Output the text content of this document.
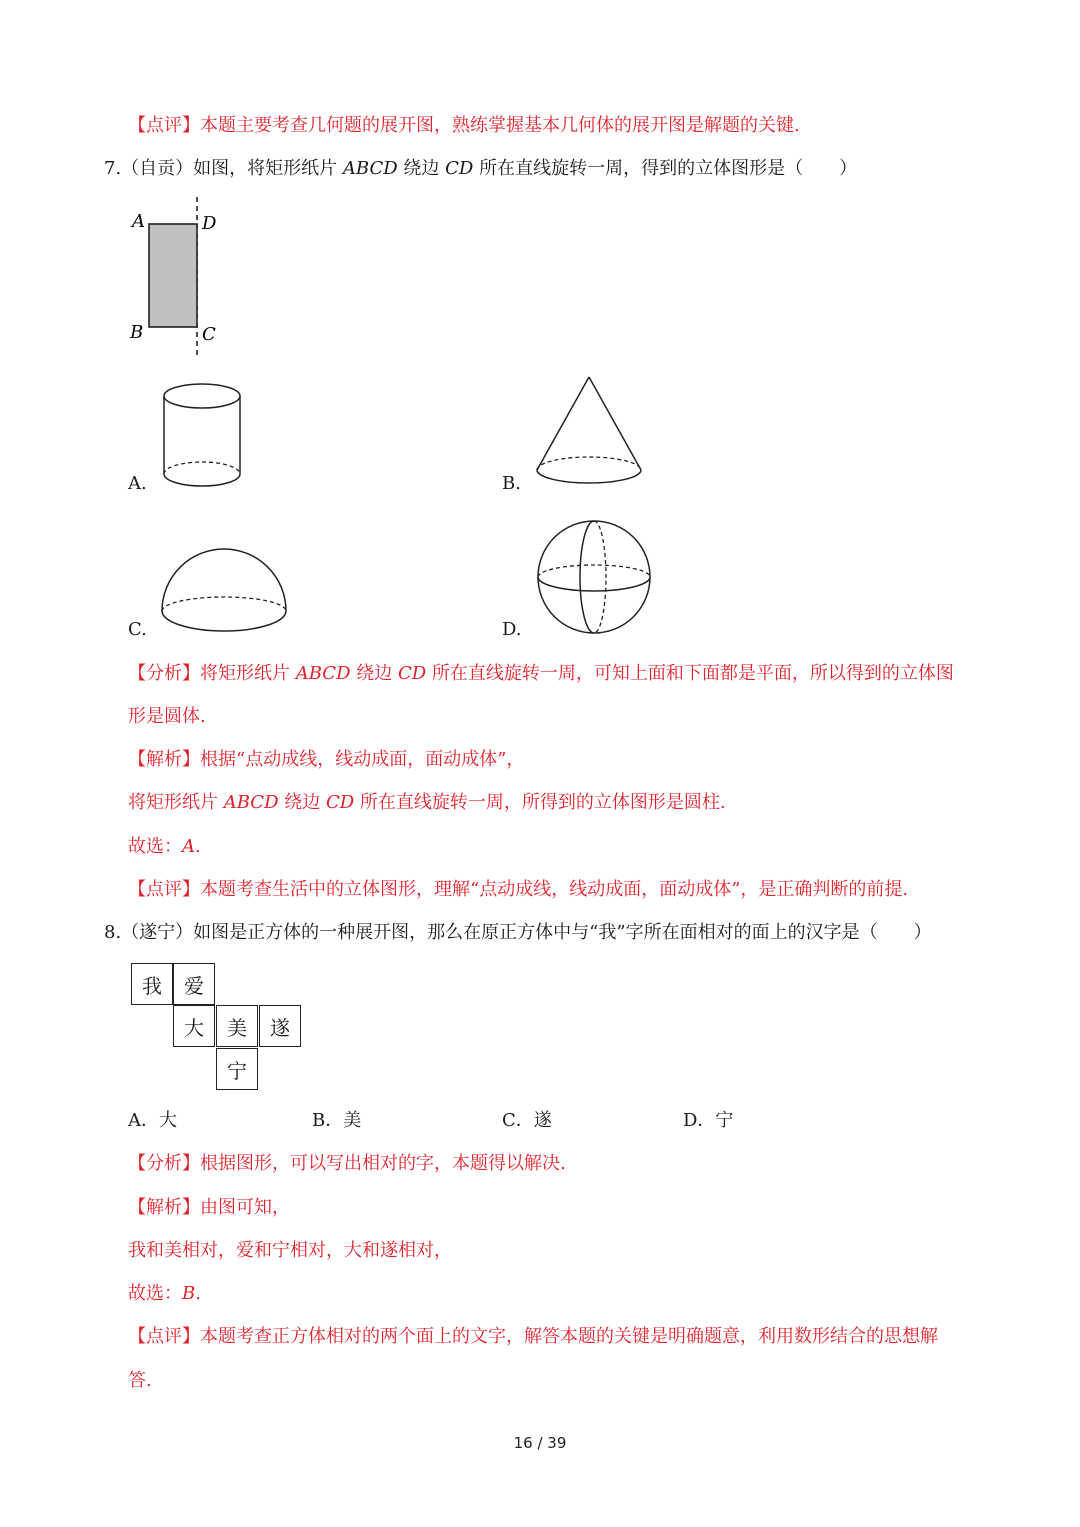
【点评】本题主要考查几何题的展开图，熟练掌握基本几何体的展开图是解题的关键.
7.（自贡）如图，将矩形纸片 ABCD 绕边 CD 所在直线旋转一周，得到的立体图形是（　　）
A	D
B	C
A.	B.
C.	D.
【分析】将矩形纸片 ABCD 绕边 CD 所在直线旋转一周，可知上面和下面都是平面，所以得到的立体图
形是圆体.
【解析】根据“点动成线，线动成面，面动成体”，
将矩形纸片 ABCD 绕边 CD 所在直线旋转一周，所得到的立体图形是圆柱.
故选：A.
【点评】本题考查生活中的立体图形，理解“点动成线，线动成面，面动成体”，是正确判断的前提.
8.（遂宁）如图是正方体的一种展开图，那么在原正方体中与“我”字所在面相对的面上的汉字是（　　）
我	爱
大	美	遂
宁
A．大	B．美	C．遂	D．宁
【分析】根据图形，可以写出相对的字，本题得以解决.
【解析】由图可知，
我和美相对，爱和宁相对，大和遂相对，
故选：B.
【点评】本题考查正方体相对的两个面上的文字，解答本题的关键是明确题意，利用数形结合的思想解
答.
16 / 39
